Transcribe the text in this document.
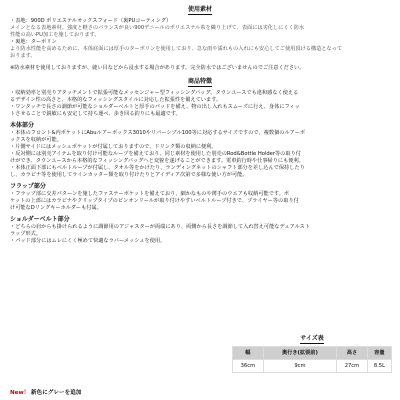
使用素材
・表地：900D ポリエステルオックスフォード（裏PUコーティング）
メインとなる表地素材。強度と軽さのバランスが良い900デニールのポリエステル糸を織り上げて、表面には劣化しにくく防水
性能の高いPU加工を施しております。
・裏地：ターポリン
より防水性能を高めるために、本体底面には厚手のターポリンを使用しており、急な雨や濡れもの入れにも安心してご使用頂ける構造となって
おります。
※防水素材を使用しておりますが、縫い目などから浸水する場合があります。完全防水ではございませんのでご注意ください。
商品特徴
・収納効率と別売りアタッチメントで拡張可能なメッセンジャー型フィッシングバッグ。タウンユースでも違和感なく使える
るデザイン性の高さと、本格的なフィッシングスタイルに対応した拡張性を備えています。
・ワンタッチで長さの調節が可能なショルダーベルトと厚手のパッドを備え、物の出し入れもスムーズに行え、身体にフィッ
トさせることで鋭敏にも安定して持ち運べ、歩き回る釣りにも最適です。
本体部分
・本体のフロント&内ポケットにAbuルアーボックス3010やリバーシブル100等に対応するサイズですので、複数個のルアーボ
ックスを収納が可能。
・片側サイドにはメッシュポケットが付属しておりますので、ドリンク類の収納に便利。
・反対側には別売アイテムを取り付け可能なループを備えており、同じ素材を使用した別売のRod&Bottle Holder等の取り付
けができ、タウンユースから本格的なフィッシングバッグへと変貌を遂げることができます。電車釣行時や仕事帰りにも便利。
・本体正面下部にもベルトループが付属し、タオル等をかけたり、ランディングネットのシャフト部分を差し込んで保持したり
し、カラビナ等を使用してラインカッター類を取り付けたりとアイディア次第で多様な使い方が可能。
フラップ部分
・フラップ部に交差パターンを施したファスナーポケットを備えており、細かなものや薄手のウエアも収納可能です。ポ
ケットの上部にはカラビナやクリップタイプのピンオンリールが取り付けやすいベルトループ付きで、プライヤー等の取り付
け可能なDリングキーホルダーも付属。
ショルダーベルト部分
・どちらの肩からも掛けられるように調節用のアジャスターが両端にあり、両側から長さを調節して入れ替え可能なデュアルスト
ラップ形式。
・パッド部分にはムレにくく極めて快適なラバーメッシュを使用。
サイズ表
幅	奥行き(拡張前)	高さ	容量
36cm	9cm	27cm	8.5L
New！ 新色にグレーを追加
